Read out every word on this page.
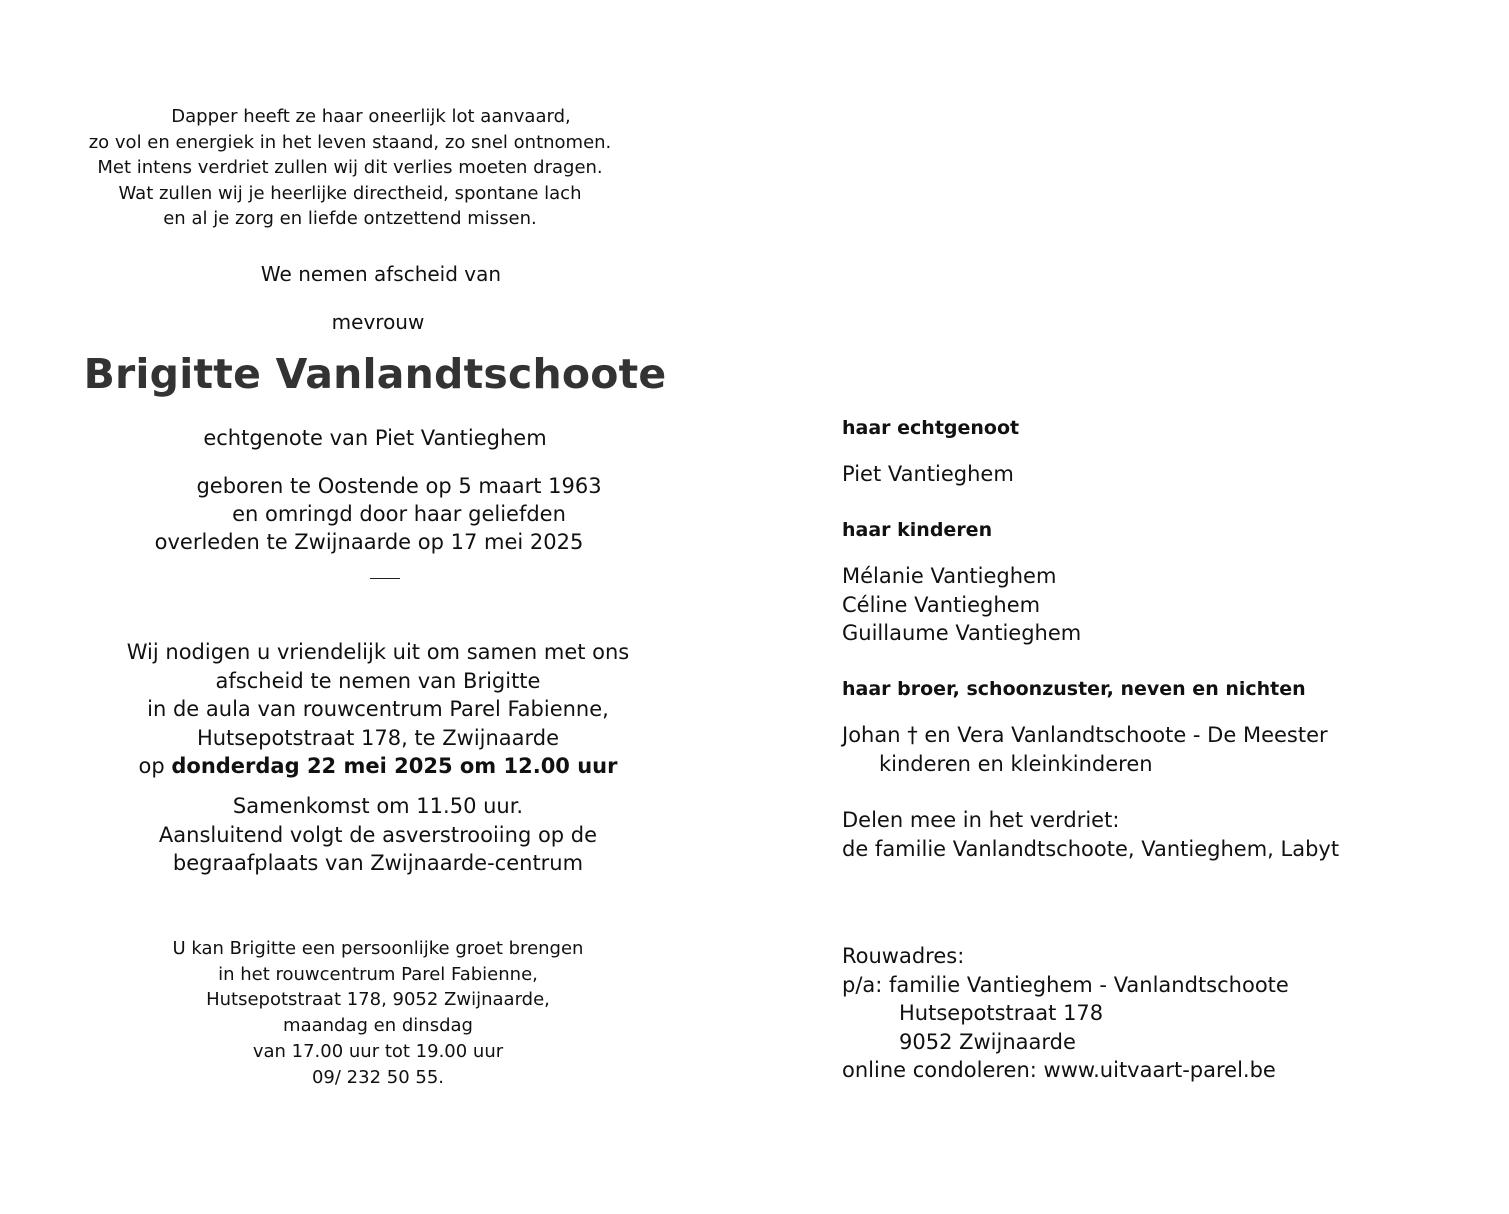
Dapper heeft ze haar oneerlijk lot aanvaard,
zo vol en energiek in het leven staand, zo snel ontnomen.
Met intens verdriet zullen wij dit verlies moeten dragen.
Wat zullen wij je heerlijke directheid, spontane lach
en al je zorg en liefde ontzettend missen.
We nemen afscheid van
mevrouw
Brigitte Vanlandtschoote
echtgenote van Piet Vantieghem
geboren te Oostende op 5 maart 1963
en omringd door haar geliefden
overleden te Zwijnaarde op 17 mei 2025
Wij nodigen u vriendelijk uit om samen met ons
afscheid te nemen van Brigitte
in de aula van rouwcentrum Parel Fabienne,
Hutsepotstraat 178, te Zwijnaarde
op donderdag 22 mei 2025 om 12.00 uur
Samenkomst om 11.50 uur.
Aansluitend volgt de asverstrooiing op de
begraafplaats van Zwijnaarde-centrum
U kan Brigitte een persoonlijke groet brengen
in het rouwcentrum Parel Fabienne,
Hutsepotstraat 178, 9052 Zwijnaarde,
maandag en dinsdag
van 17.00 uur tot 19.00 uur
09/ 232 50 55.
haar echtgenoot
Piet Vantieghem
haar kinderen
Mélanie Vantieghem
Céline Vantieghem
Guillaume Vantieghem
haar broer, schoonzuster, neven en nichten
Johan † en Vera Vanlandtschoote - De Meester
kinderen en kleinkinderen
Delen mee in het verdriet:
de familie Vanlandtschoote, Vantieghem, Labyt
Rouwadres:
p/a: familie Vantieghem - Vanlandtschoote
Hutsepotstraat 178
9052 Zwijnaarde
online condoleren: www.uitvaart-parel.be
